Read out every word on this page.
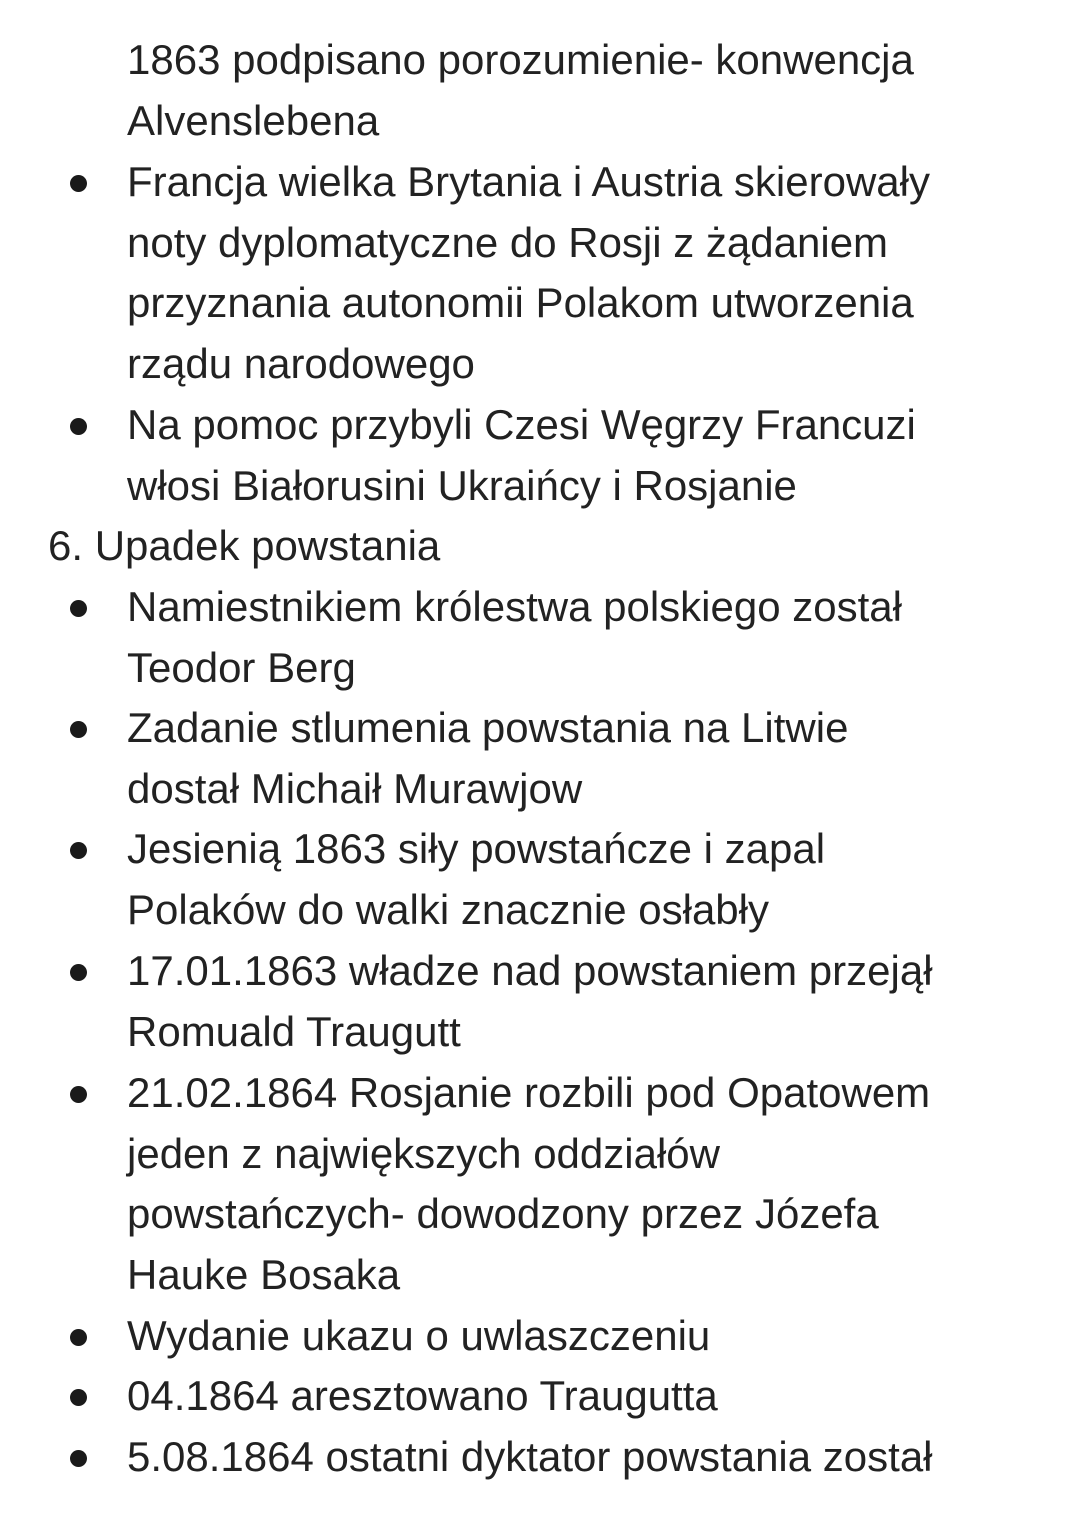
1863 podpisano porozumienie- konwencja
Alvenslebena
Francja wielka Brytania i Austria skierowały
noty dyplomatyczne do Rosji z żądaniem
przyznania autonomii Polakom utworzenia
rządu narodowego
Na pomoc przybyli Czesi Węgrzy Francuzi
włosi Białorusini Ukraińcy i Rosjanie
6. Upadek powstania
Namiestnikiem królestwa polskiego został
Teodor Berg
Zadanie stlumenia powstania na Litwie
dostał Michaił Murawjow
Jesienią 1863 siły powstańcze i zapal
Polaków do walki znacznie osłabły
17.01.1863 władze nad powstaniem przejął
Romuald Traugutt
21.02.1864 Rosjanie rozbili pod Opatowem
jeden z największych oddziałów
powstańczych- dowodzony przez Józefa
Hauke Bosaka
Wydanie ukazu o uwlaszczeniu
04.1864 aresztowano Traugutta
5.08.1864 ostatni dyktator powstania został
